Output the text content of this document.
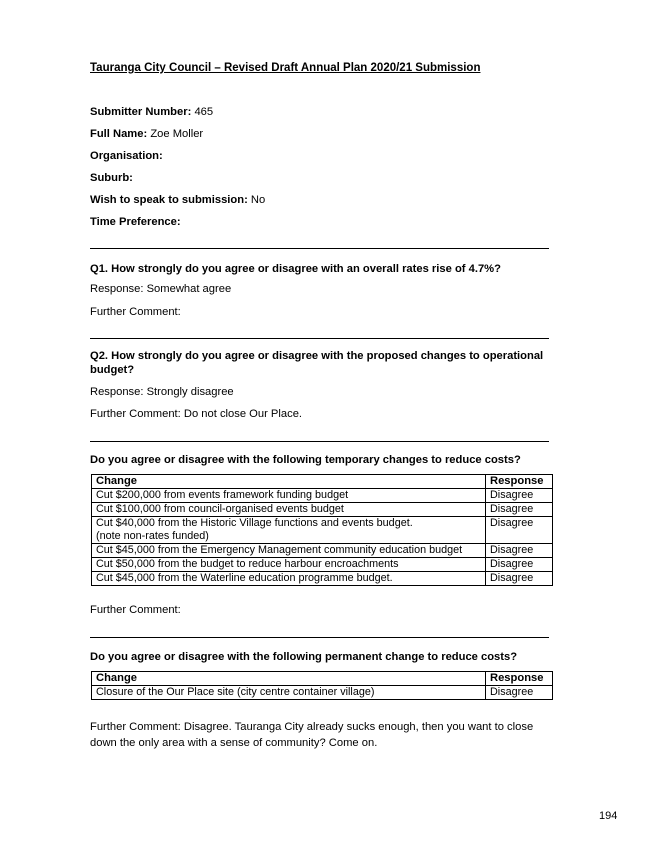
Tauranga City Council – Revised Draft Annual Plan 2020/21 Submission
Submitter Number: 465
Full Name: Zoe Moller
Organisation:
Suburb:
Wish to speak to submission: No
Time Preference:
Q1. How strongly do you agree or disagree with an overall rates rise of 4.7%?
Response: Somewhat agree
Further Comment:
Q2. How strongly do you agree or disagree with the proposed changes to operational budget?
Response: Strongly disagree
Further Comment: Do not close Our Place.
Do you agree or disagree with the following temporary changes to reduce costs?
Change	Response
Cut $200,000 from events framework funding budget	Disagree
Cut $100,000 from council-organised events budget	Disagree
Cut $40,000 from the Historic Village functions and events budget.
(note non-rates funded)	Disagree
Cut $45,000 from the Emergency Management community education budget	Disagree
Cut $50,000 from the budget to reduce harbour encroachments	Disagree
Cut $45,000 from the Waterline education programme budget.	Disagree
Further Comment:
Do you agree or disagree with the following permanent change to reduce costs?
Change	Response
Closure of the Our Place site (city centre container village)	Disagree
Further Comment: Disagree. Tauranga City already sucks enough, then you want to close down the only area with a sense of community? Come on.
194
